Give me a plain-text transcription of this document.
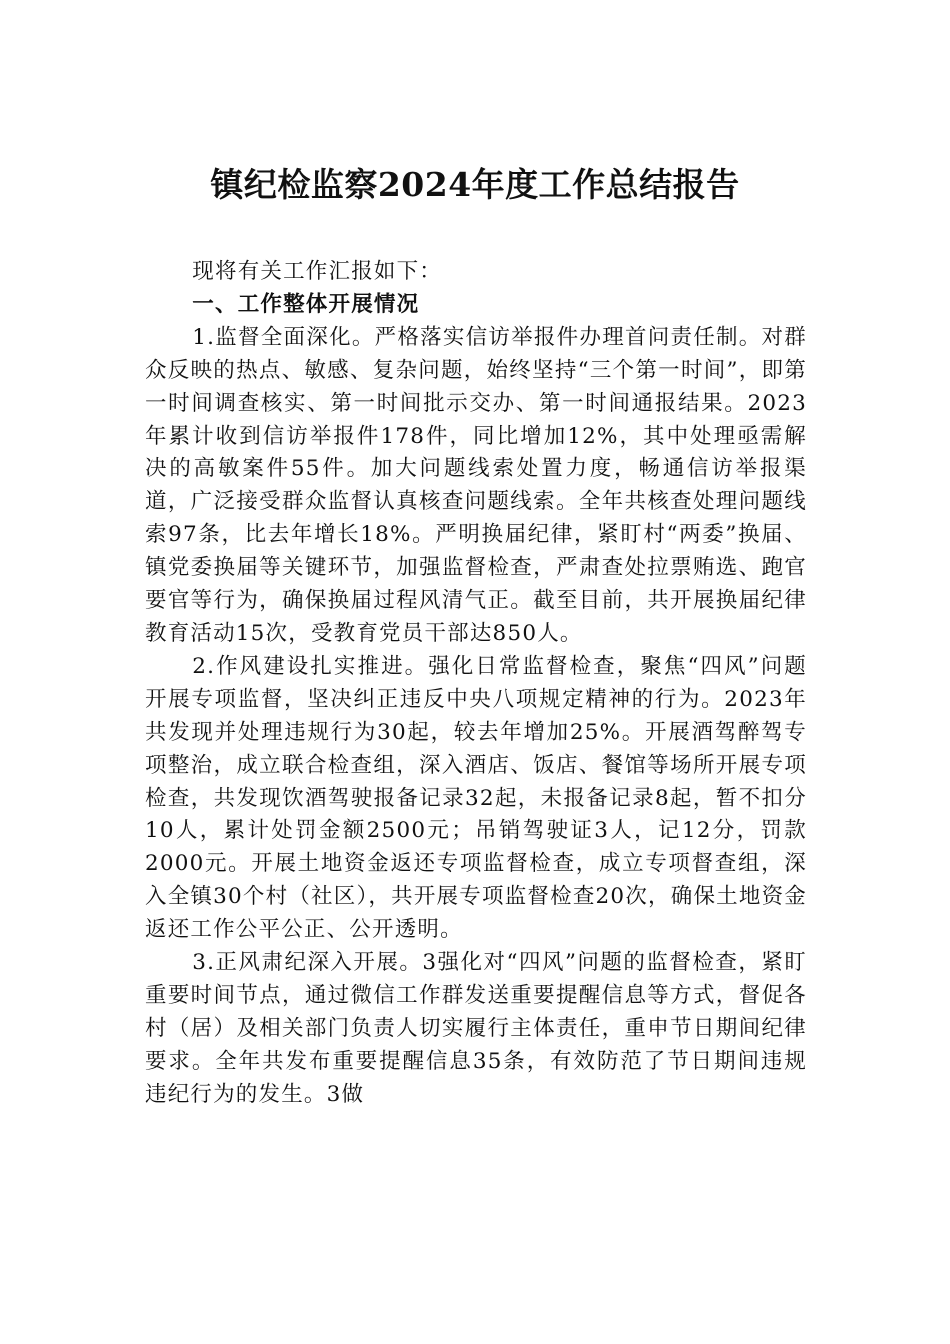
镇纪检监察2024年度工作总结报告

现将有关工作汇报如下：

一、工作整体开展情况

1.监督全面深化。严格落实信访举报件办理首问责任制。对群众反映的热点、敏感、复杂问题，始终坚持“三个第一时间”，即第一时间调查核实、第一时间批示交办、第一时间通报结果。2023年累计收到信访举报件178件，同比增加12%，其中处理亟需解决的高敏案件55件。加大问题线索处置力度，畅通信访举报渠道，广泛接受群众监督认真核查问题线索。全年共核查处理问题线索97条，比去年增长18%。严明换届纪律，紧盯村“两委”换届、镇党委换届等关键环节，加强监督检查，严肃查处拉票贿选、跑官要官等行为，确保换届过程风清气正。截至目前，共开展换届纪律教育活动15次，受教育党员干部达850人。

2.作风建设扎实推进。强化日常监督检查，聚焦“四风”问题开展专项监督，坚决纠正违反中央八项规定精神的行为。2023年共发现并处理违规行为30起，较去年增加25%。开展酒驾醉驾专项整治，成立联合检查组，深入酒店、饭店、餐馆等场所开展专项检查，共发现饮酒驾驶报备记录32起，未报备记录8起，暂不扣分10人，累计处罚金额2500元；吊销驾驶证3人，记12分，罚款2000元。开展土地资金返还专项监督检查，成立专项督查组，深入全镇30个村（社区），共开展专项监督检查20次，确保土地资金返还工作公平公正、公开透明。

3.正风肃纪深入开展。3强化对“四风”问题的监督检查，紧盯重要时间节点，通过微信工作群发送重要提醒信息等方式，督促各村（居）及相关部门负责人切实履行主体责任，重申节日期间纪律要求。全年共发布重要提醒信息35条，有效防范了节日期间违规违纪行为的发生。3做
